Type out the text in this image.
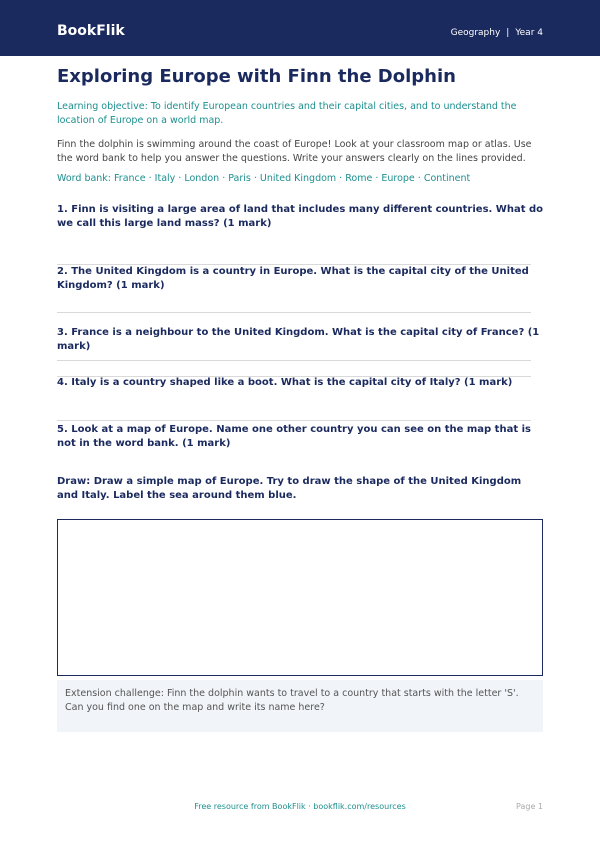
BookFlik	Geography | Year 4
Exploring Europe with Finn the Dolphin

Learning objective: To identify European countries and their capital cities, and to understand the location of Europe on a world map.

Finn the dolphin is swimming around the coast of Europe! Look at your classroom map or atlas. Use the word bank to help you answer the questions. Write your answers clearly on the lines provided.

Word bank: France · Italy · London · Paris · United Kingdom · Rome · Europe · Continent

1. Finn is visiting a large area of land that includes many different countries. What do we call this large land mass? (1 mark)

2. The United Kingdom is a country in Europe. What is the capital city of the United Kingdom? (1 mark)

3. France is a neighbour to the United Kingdom. What is the capital city of France? (1 mark)

4. Italy is a country shaped like a boot. What is the capital city of Italy? (1 mark)

5. Look at a map of Europe. Name one other country you can see on the map that is not in the word bank. (1 mark)

Draw: Draw a simple map of Europe. Try to draw the shape of the United Kingdom and Italy. Label the sea around them blue.

Extension challenge: Finn the dolphin wants to travel to a country that starts with the letter 'S'. Can you find one on the map and write its name here?
Free resource from BookFlik · bookflik.com/resources	Page 1
